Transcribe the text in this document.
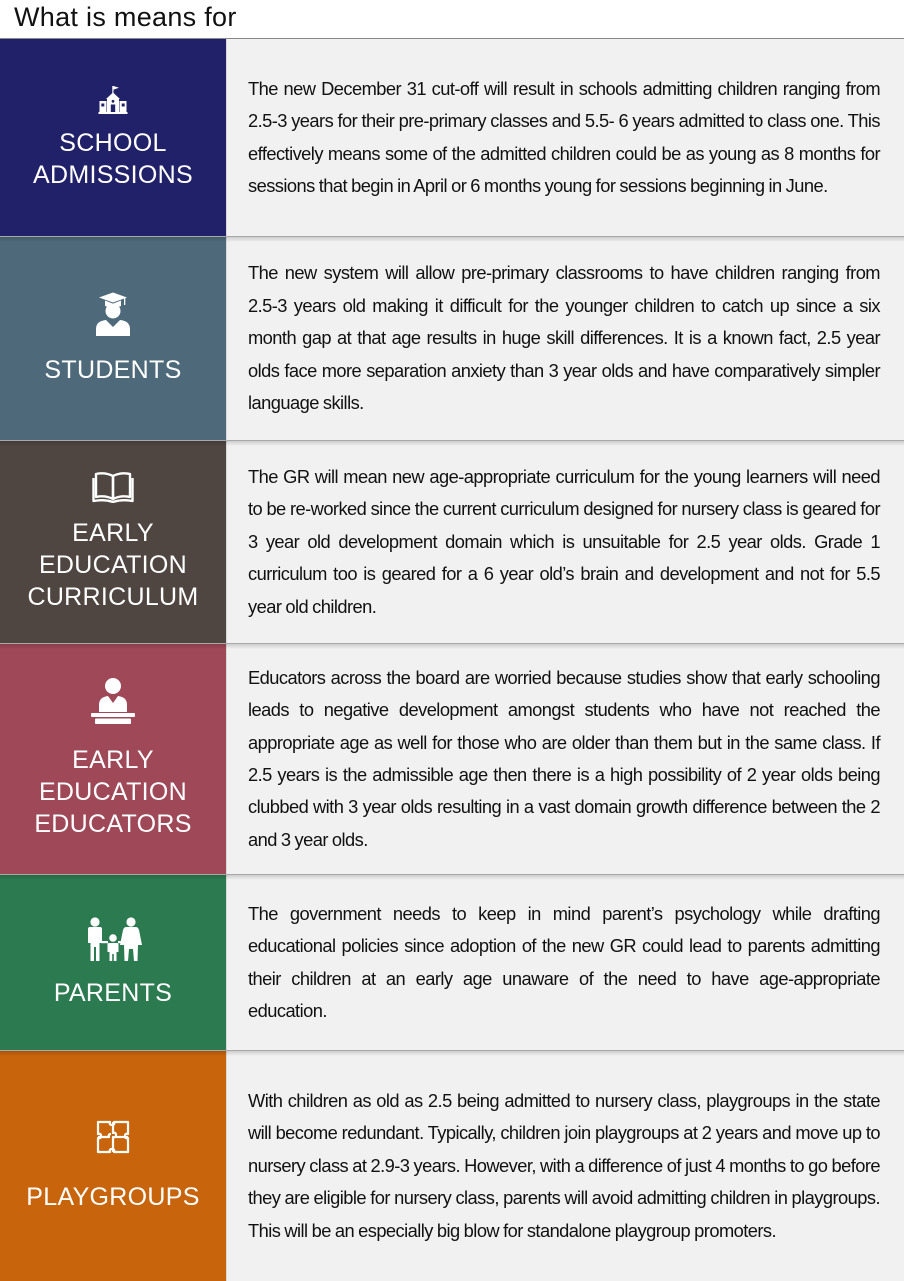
What is means for
SCHOOL
ADMISSIONS

The new December 31 cut-off will result in schools admitting children ranging from 2.5-3 years for their pre-primary classes and 5.5- 6 years admitted to class one. This effectively means some of the admitted children could be as young as 8 months for sessions that begin in April or 6 months young for sessions beginning in June.

STUDENTS

The new system will allow pre-primary classrooms to have children ranging from 2.5-3 years old making it difficult for the younger children to catch up since a six month gap at that age results in huge skill differences. It is a known fact, 2.5 year olds face more separation anxiety than 3 year olds and have comparatively simpler language skills.

EARLY
EDUCATION
CURRICULUM

The GR will mean new age-appropriate curriculum for the young learners will need to be re-worked since the current curriculum designed for nursery class is geared for 3 year old development domain which is unsuitable for 2.5 year olds. Grade 1 curriculum too is geared for a 6 year old’s brain and development and not for 5.5 year old children.

EARLY
EDUCATION
EDUCATORS

Educators across the board are worried because studies show that early schooling leads to negative development amongst students who have not reached the appropriate age as well for those who are older than them but in the same class. If 2.5 years is the admissible age then there is a high possibility of 2 year olds being clubbed with 3 year olds resulting in a vast domain growth difference between the 2 and 3 year olds.

PARENTS

The government needs to keep in mind parent’s psychology while drafting educational policies since adoption of the new GR could lead to parents admitting their children at an early age unaware of the need to have age-appropriate education.

PLAYGROUPS

With children as old as 2.5 being admitted to nursery class, playgroups in the state will become redundant. Typically, children join playgroups at 2 years and move up to nursery class at 2.9-3 years. However, with a difference of just 4 months to go before they are eligible for nursery class, parents will avoid admitting children in playgroups. This will be an especially big blow for standalone playgroup promoters.
